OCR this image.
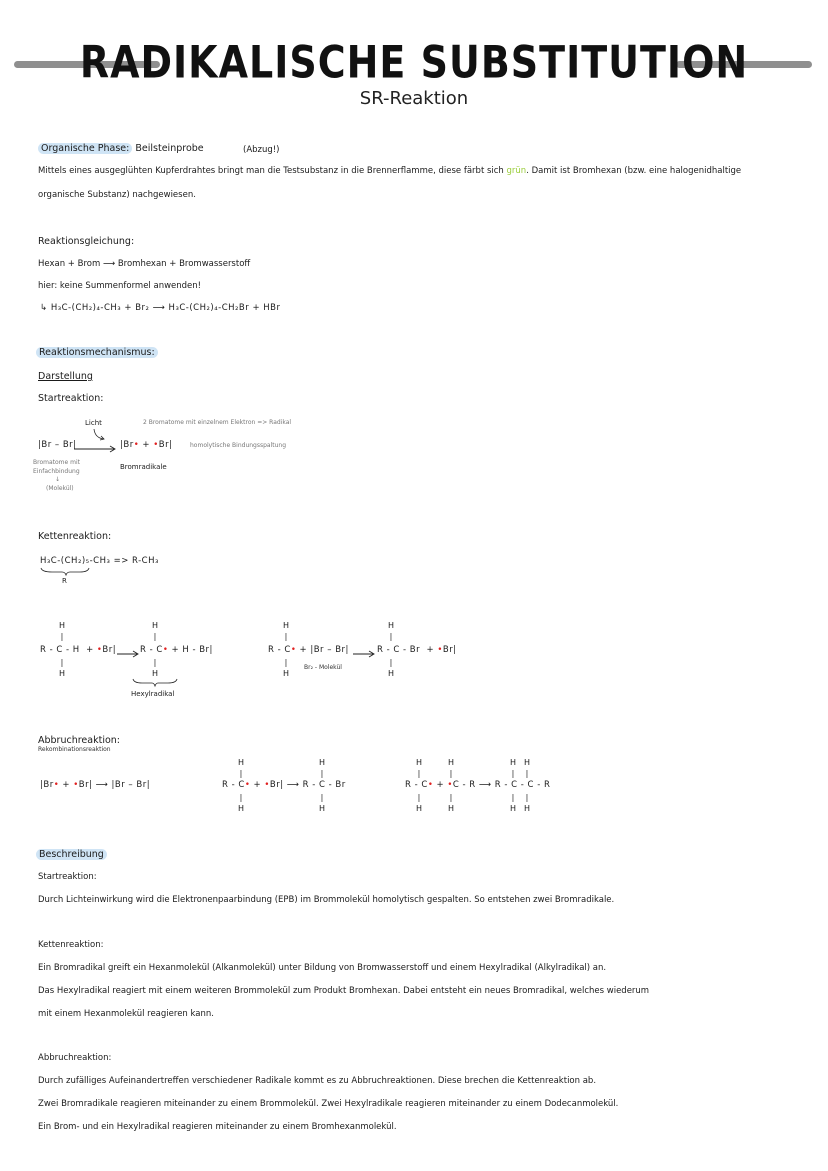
RADIKALISCHE SUBSTITUTION
SR-Reaktion
Organische Phase: Beilsteinprobe	(Abzug!)
Mittels eines ausgeglühten Kupferdrahtes bringt man die Testsubstanz in die Brennerflamme, diese färbt sich grün. Damit ist Bromhexan (bzw. eine halogenidhaltige
organische Substanz) nachgewiesen.
Reaktionsgleichung:
Hexan + Brom ⟶ Bromhexan + Bromwasserstoff
hier: keine Summenformel anwenden!
↳ H₃C-(CH₂)₄-CH₃ + Br₂ ⟶ H₃C-(CH₂)₄-CH₂Br + HBr
Reaktionsmechanismus:
Darstellung
Startreaktion:
Licht
|Br – Br|	|Br• + •Br|
2 Bromatome mit einzelnem Elektron => Radikal
homolytische Bindungsspaltung
Bromradikale
Bromatome mit
Einfachbindung
↓
(Molekül)
Kettenreaktion:
H₃C-(CH₂)₅-CH₃ => R-CH₃
R
H
|
R - C - H  + •Br|
|
H
H
|
R - C• + H - Br|
|
H
Hexylradikal
H
|
R - C• + |Br – Br|
|
H
Br₂ - Molekül
H
|
R - C - Br  + •Br|
|
H
Abbruchreaktion:
Rekombinationsreaktion
|Br• + •Br| ⟶ |Br – Br|
H
|
R - C• + •Br| ⟶ R - C - Br
|
H
H
|
|
H
H
|
H
|
R - C• + •C - R ⟶ R - C - C - R
|
H
|
H
H
|
H
|
|
H
|
H
Beschreibung
Startreaktion:
Durch Lichteinwirkung wird die Elektronenpaarbindung (EPB) im Brommolekül homolytisch gespalten. So entstehen zwei Bromradikale.
Kettenreaktion:
Ein Bromradikal greift ein Hexanmolekül (Alkanmolekül) unter Bildung von Bromwasserstoff und einem Hexylradikal (Alkylradikal) an.
Das Hexylradikal reagiert mit einem weiteren Brommolekül zum Produkt Bromhexan. Dabei entsteht ein neues Bromradikal, welches wiederum
mit einem Hexanmolekül reagieren kann.
Abbruchreaktion:
Durch zufälliges Aufeinandertreffen verschiedener Radikale kommt es zu Abbruchreaktionen. Diese brechen die Kettenreaktion ab.
Zwei Bromradikale reagieren miteinander zu einem Brommolekül. Zwei Hexylradikale reagieren miteinander zu einem Dodecanmolekül.
Ein Brom- und ein Hexylradikal reagieren miteinander zu einem Bromhexanmolekül.
